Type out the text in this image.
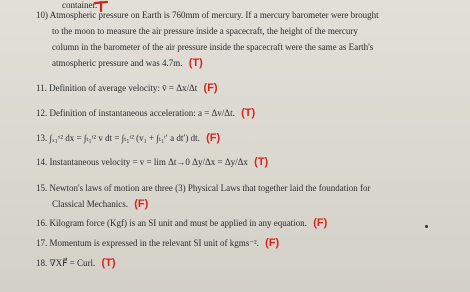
container.
10) Atmospheric pressure on Earth is 760mm of mercury. If a mercury barometer were brought
to the moon to measure the air pressure inside a spacecraft, the height of the mercury
column in the barometer of the air pressure inside the spacecraft were the same as Earth's
atmospheric pressure and was 4.7m. (T)
11. Definition of average velocity: v̄ = Δx/Δt (F)
12. Definition of instantaneous acceleration: a = Δv/Δt. (T)
13. ∫ₓ₁ˣ² dx = ∫ₜ₁ᵗ² v dt = ∫ₜ₁ᵗ² (v₁ + ∫ₜ₁ᵗ′ a dt′) dt. (F)
14. Instantaneous velocity = v = lim Δt→0 Δy/Δx = Δy/Δx (T)
15. Newton's laws of motion are three (3) Physical Laws that together laid the foundation for
Classical Mechanics. (F)
16. Kilogram force (Kgf) is an SI unit and must be applied in any equation. (F)
17. Momentum is expressed in the relevant SI unit of kgms⁻². (F)
18. ∇XF⃗ = Curl. (T)
